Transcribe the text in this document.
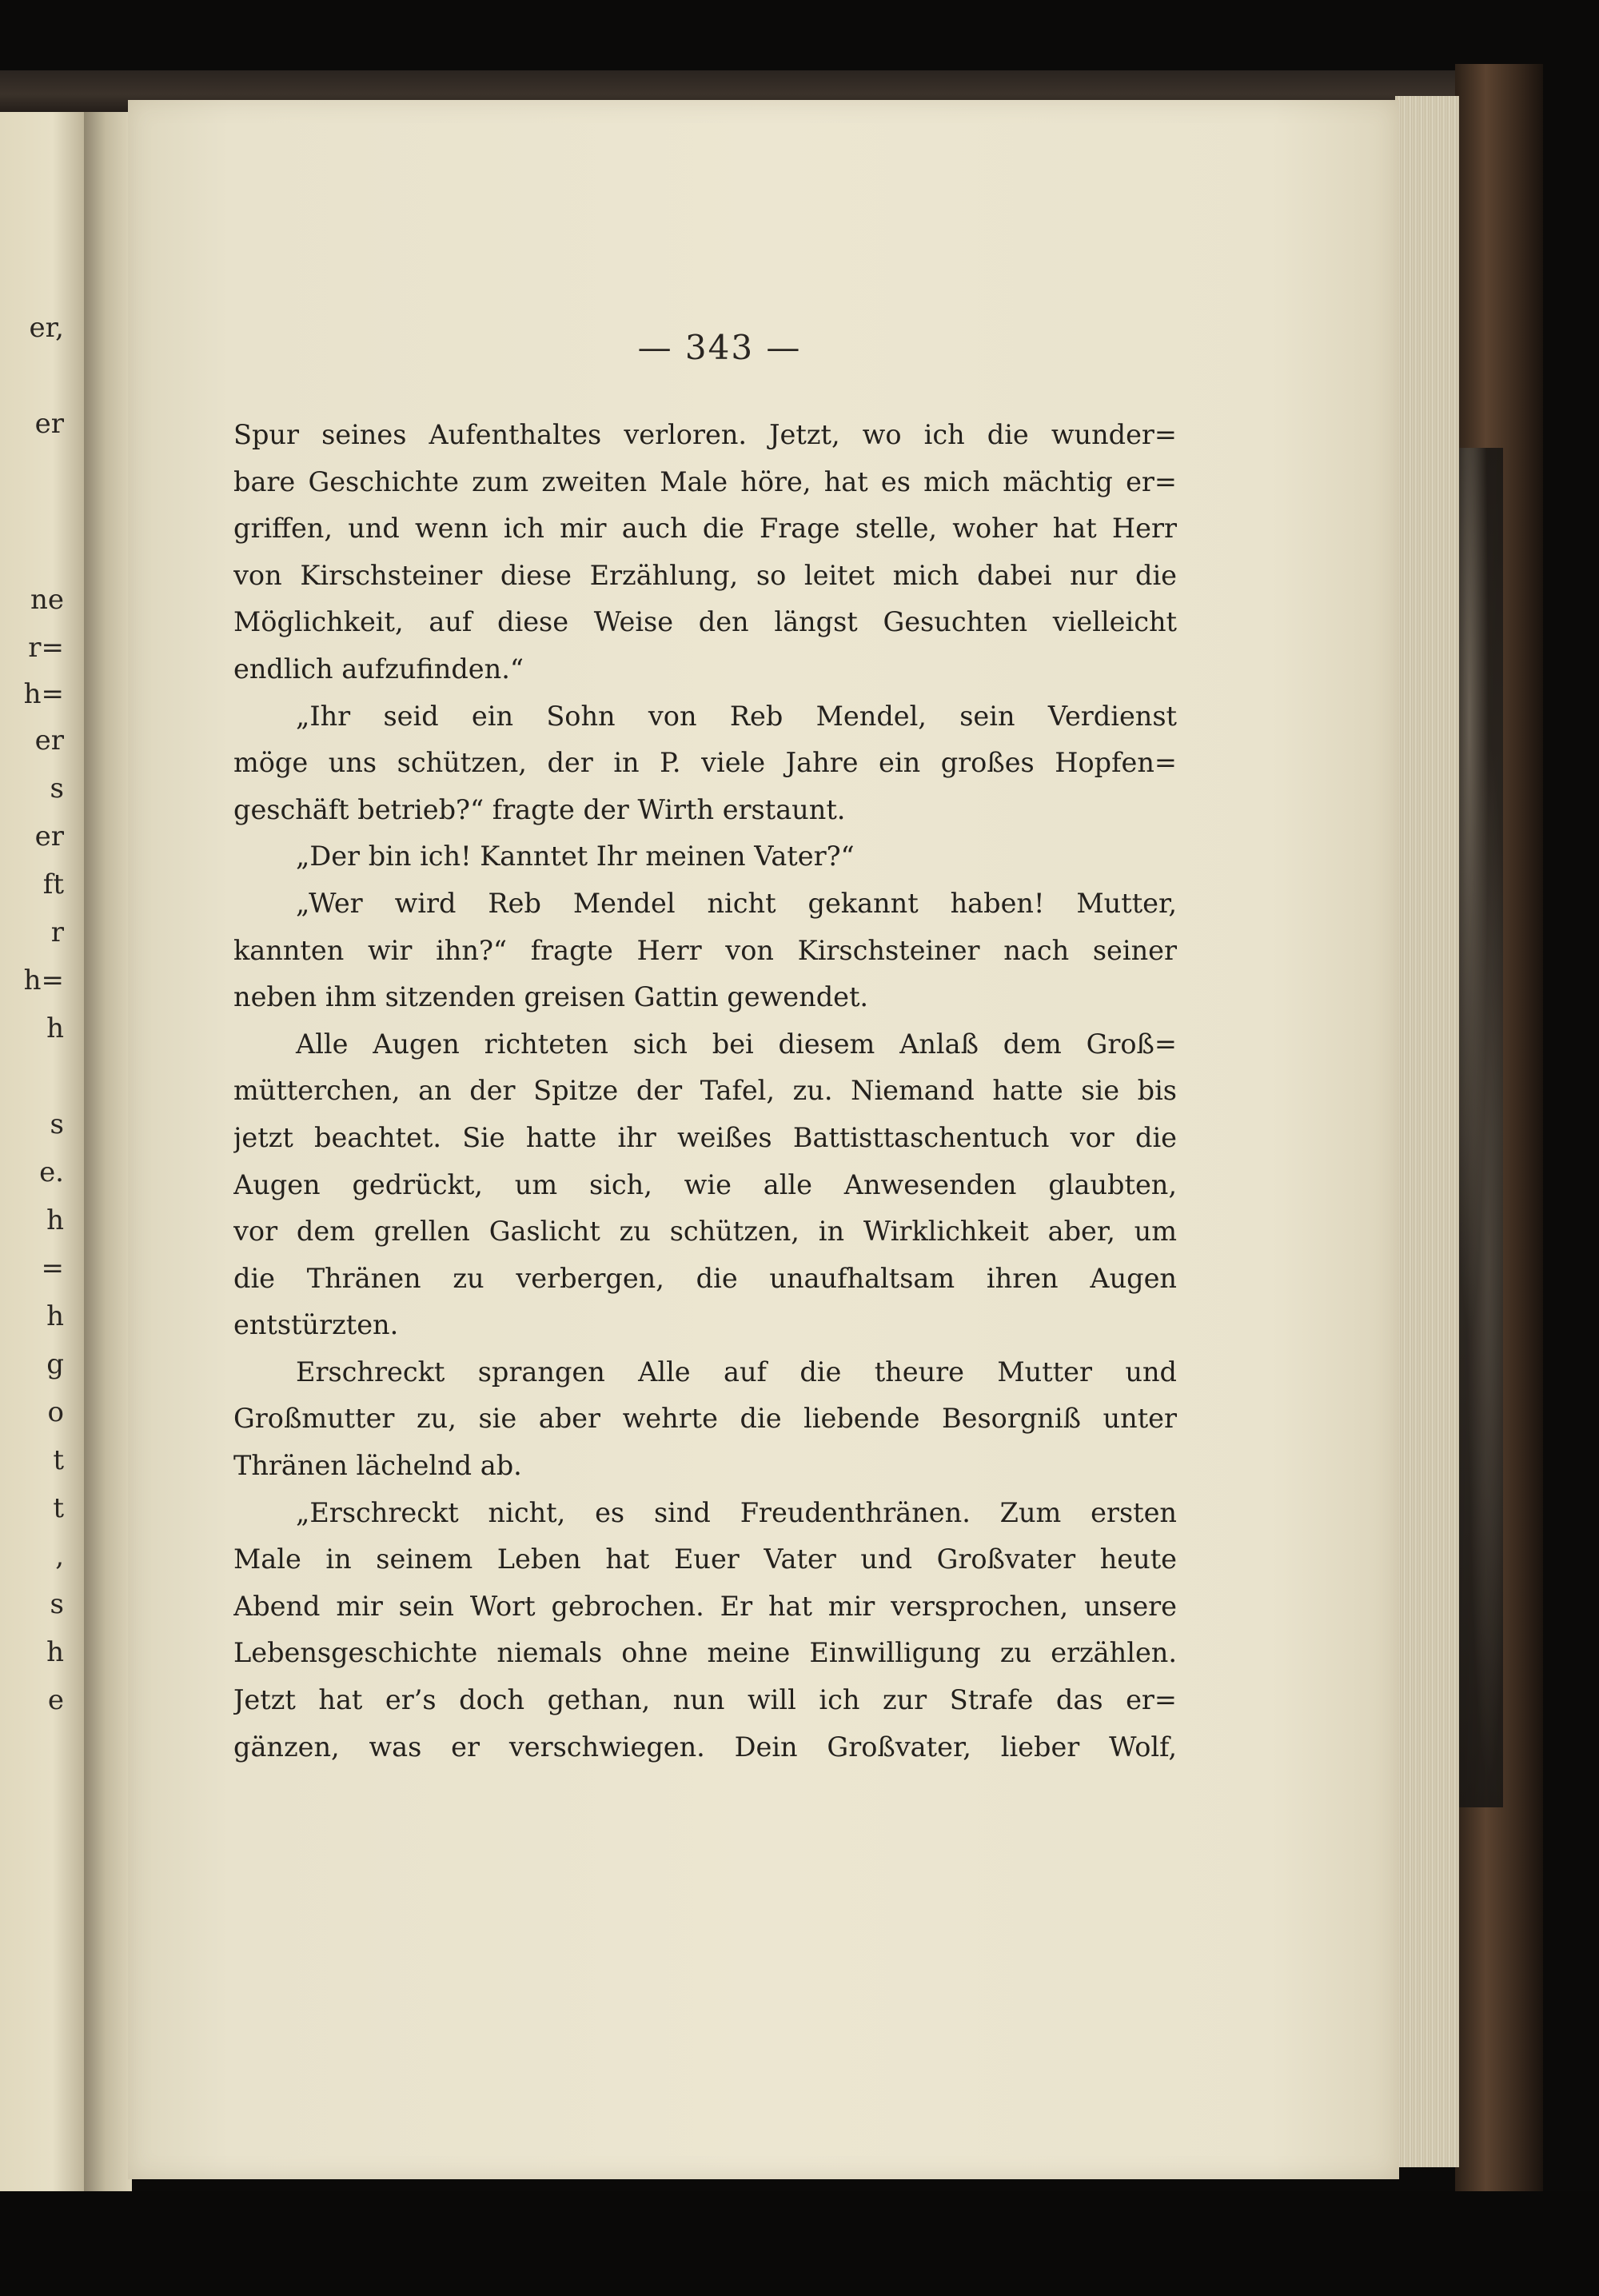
er,
er
ne
r=
h=
er
s
er
ft
r
h=
h
s
e.
h
=
h
g
o
t
t
,
s
h
e
— 343 —
Spur seines Aufenthaltes verloren. Jetzt, wo ich die wunder=
bare Geschichte zum zweiten Male höre, hat es mich mächtig er=
griffen, und wenn ich mir auch die Frage stelle, woher hat Herr
von Kirschsteiner diese Erzählung, so leitet mich dabei nur die
Möglichkeit, auf diese Weise den längst Gesuchten vielleicht
endlich aufzufinden.“
„Ihr seid ein Sohn von Reb Mendel, sein Verdienst
möge uns schützen, der in P. viele Jahre ein großes Hopfen=
geschäft betrieb?“ fragte der Wirth erstaunt.
„Der bin ich! Kanntet Ihr meinen Vater?“
„Wer wird Reb Mendel nicht gekannt haben! Mutter,
kannten wir ihn?“ fragte Herr von Kirschsteiner nach seiner
neben ihm sitzenden greisen Gattin gewendet.
Alle Augen richteten sich bei diesem Anlaß dem Groß=
mütterchen, an der Spitze der Tafel, zu. Niemand hatte sie bis
jetzt beachtet. Sie hatte ihr weißes Battisttaschentuch vor die
Augen gedrückt, um sich, wie alle Anwesenden glaubten,
vor dem grellen Gaslicht zu schützen, in Wirklichkeit aber, um
die Thränen zu verbergen, die unaufhaltsam ihren Augen
entstürzten.
Erschreckt sprangen Alle auf die theure Mutter und
Großmutter zu, sie aber wehrte die liebende Besorgniß unter
Thränen lächelnd ab.
„Erschreckt nicht, es sind Freudenthränen. Zum ersten
Male in seinem Leben hat Euer Vater und Großvater heute
Abend mir sein Wort gebrochen. Er hat mir versprochen, unsere
Lebensgeschichte niemals ohne meine Einwilligung zu erzählen.
Jetzt hat er’s doch gethan, nun will ich zur Strafe das er=
gänzen, was er verschwiegen. Dein Großvater, lieber Wolf,
